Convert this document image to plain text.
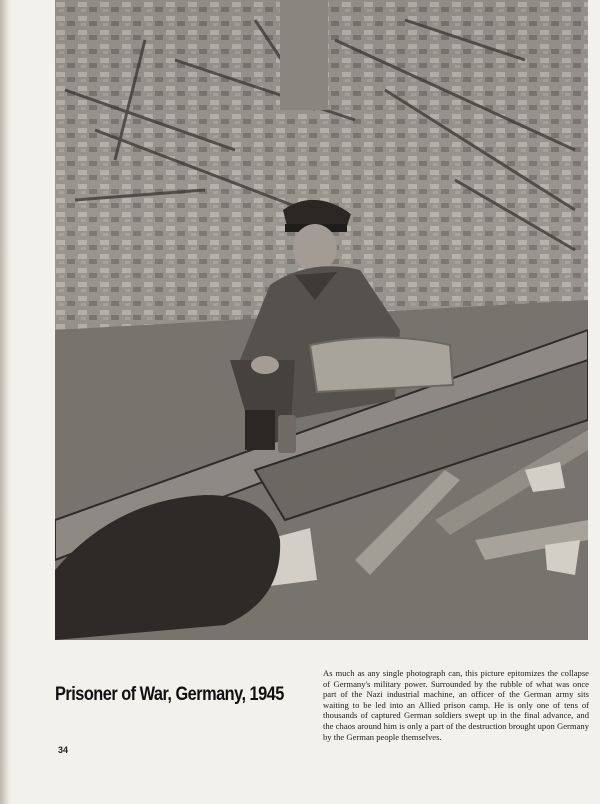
Prisoner of War, Germany, 1945
As much as any single photograph can, this picture epitomizes the collapse of Germany's military power. Surrounded by the rubble of what was once part of the Nazi industrial machine, an officer of the German army sits waiting to be led into an Allied prison camp. He is only one of tens of thousands of captured German soldiers swept up in the final advance, and the chaos around him is only a part of the destruction brought upon Germany by the German people themselves.
34
